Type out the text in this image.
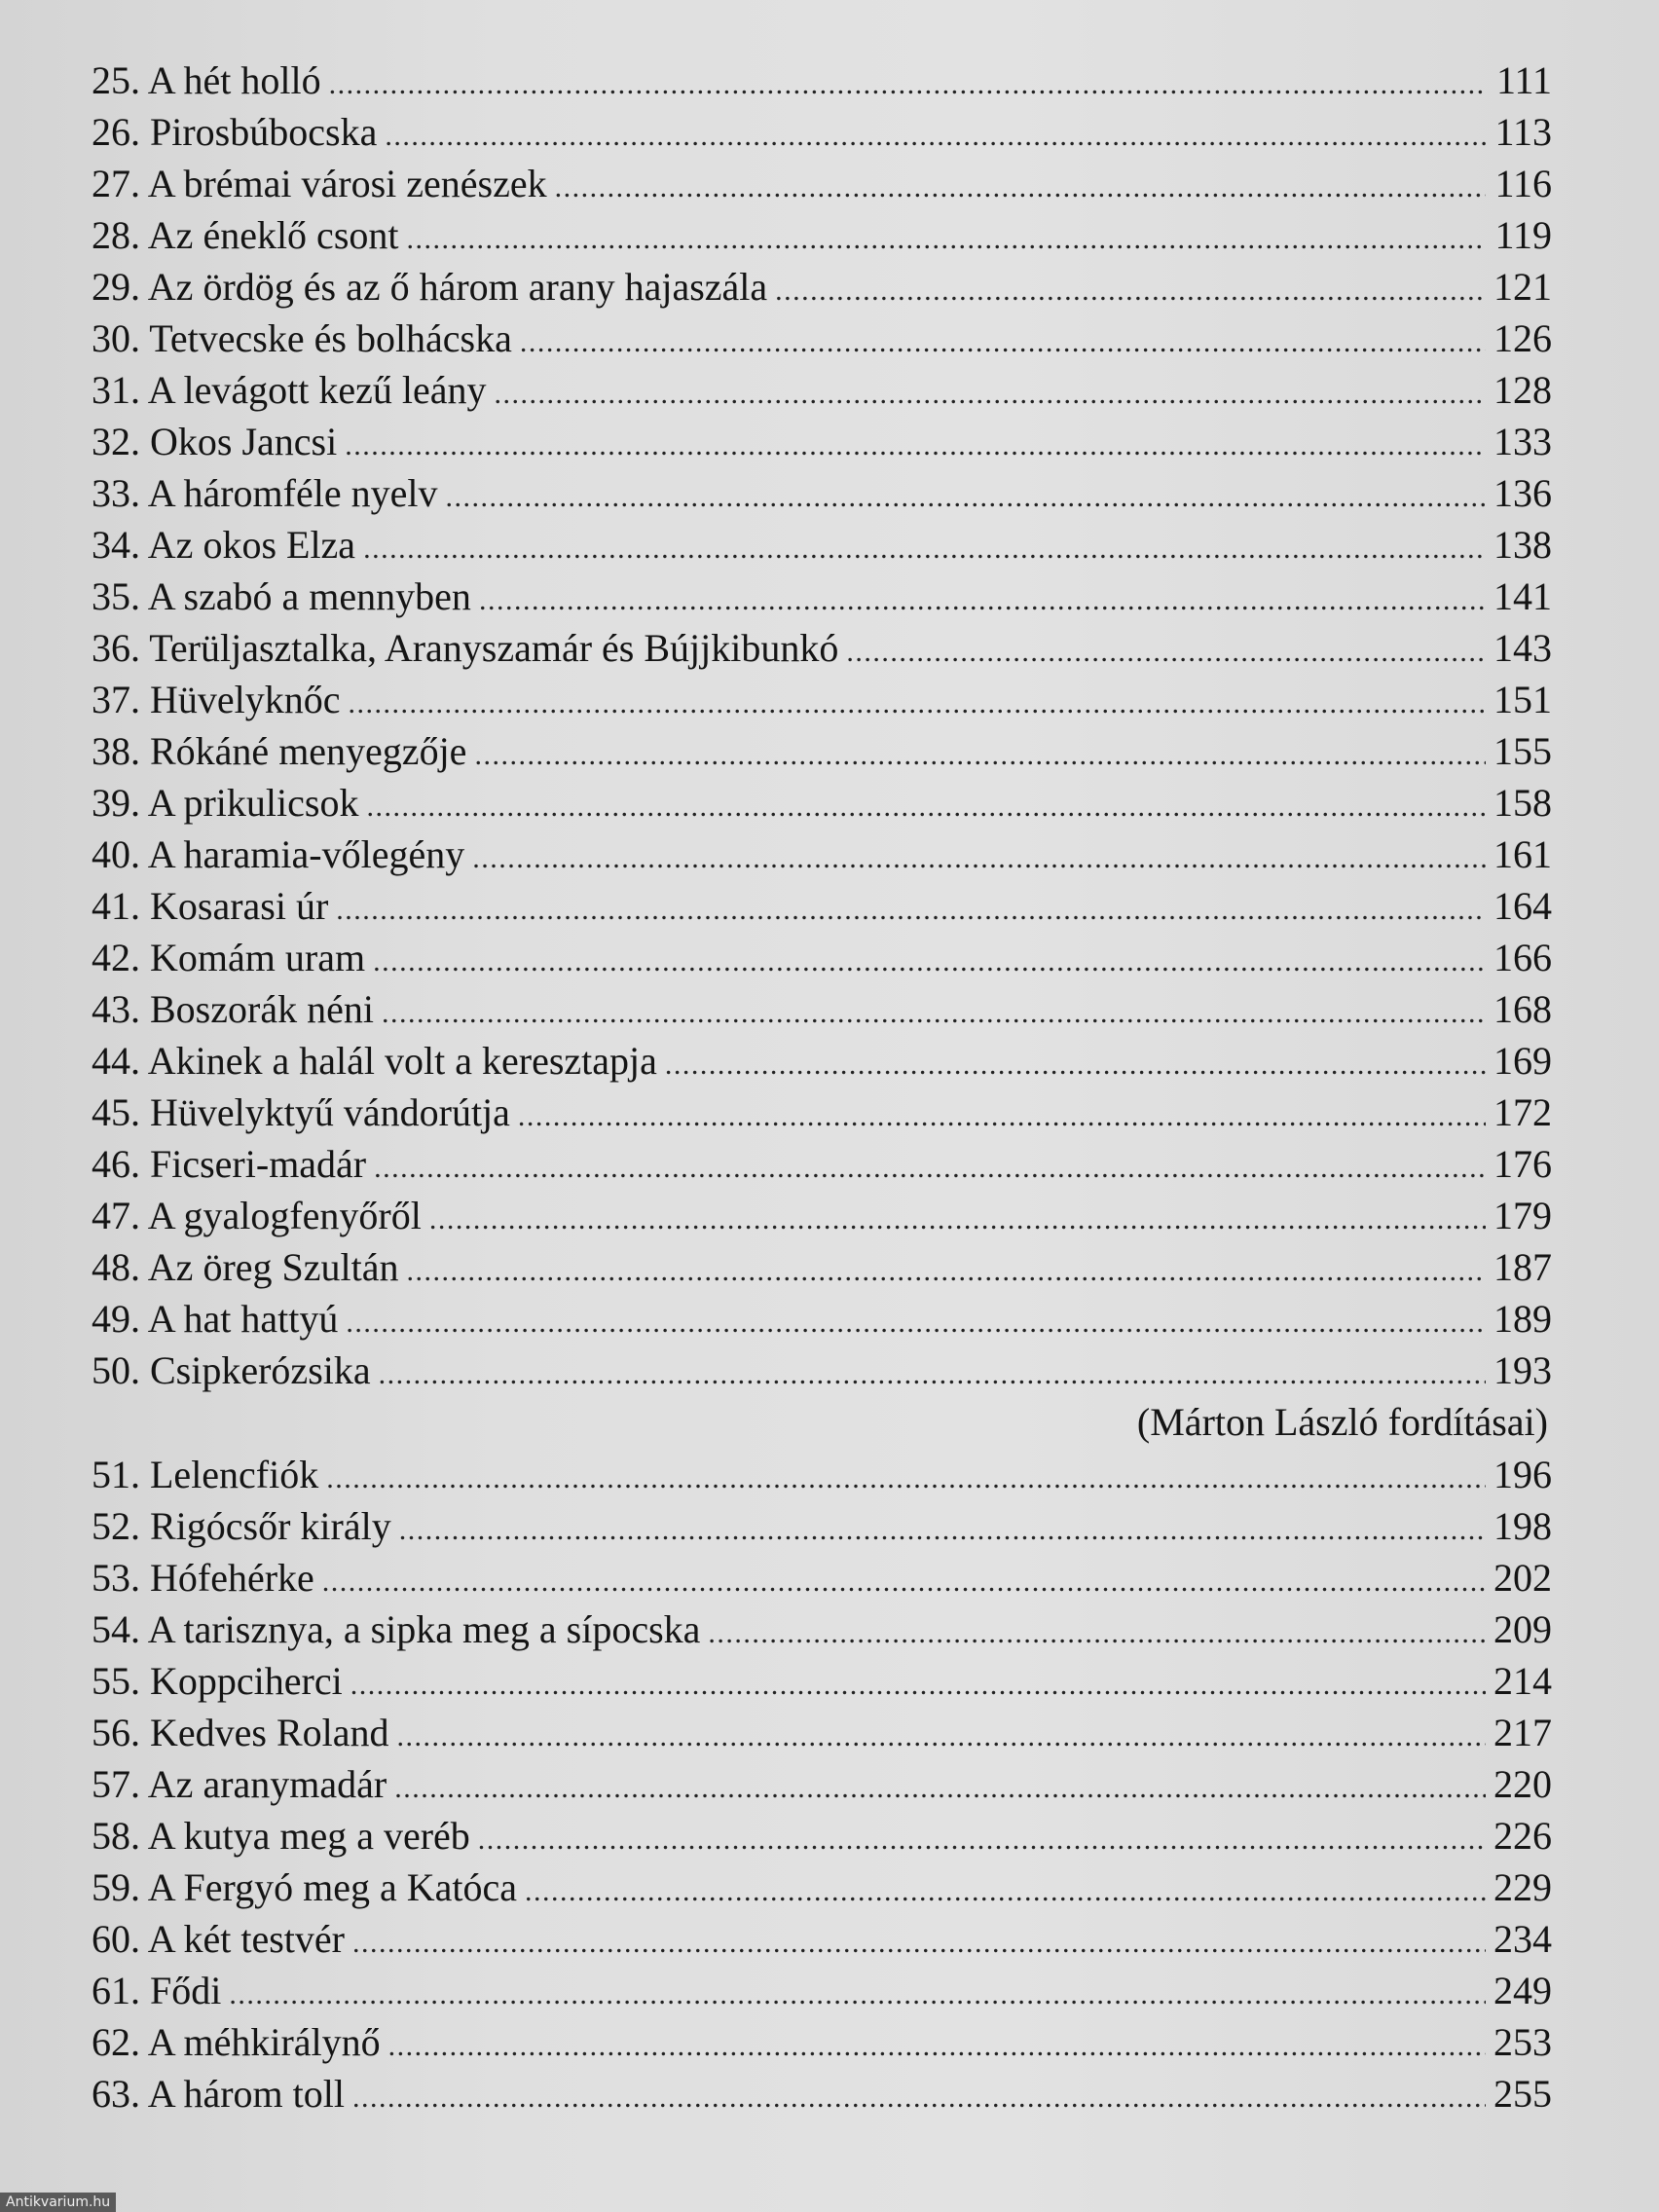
25. A hét holló . . .	111
26. Pirosbúbocska . . .	113
27. A brémai városi zenészek . . .	116
28. Az éneklő csont . . .	119
29. Az ördög és az ő három arany hajaszála . . .	121
30. Tetvecske és bolhácska . . .	126
31. A levágott kezű leány . . .	128
32. Okos Jancsi . . .	133
33. A háromféle nyelv . . .	136
34. Az okos Elza . . .	138
35. A szabó a mennyben . . .	141
36. Terüljasztalka, Aranyszamár és Bújjkibunkó . . .	143
37. Hüvelyknőc . . .	151
38. Rókáné menyegzője . . .	155
39. A prikulicsok . . .	158
40. A haramia-vőlegény . . .	161
41. Kosarasi úr . . .	164
42. Komám uram . . .	166
43. Boszorák néni . . .	168
44. Akinek a halál volt a keresztapja . . .	169
45. Hüvelyktyű vándorútja . . .	172
46. Ficseri-madár . . .	176
47. A gyalogfenyőről . . .	179
48. Az öreg Szultán . . .	187
49. A hat hattyú . . .	189
50. Csipkerózsika . . .	193
(Márton László fordításai)
51. Lelencfiók . . .	196
52. Rigócsőr király . . .	198
53. Hófehérke . . .	202
54. A tarisznya, a sipka meg a sípocska . . .	209
55. Koppciherci . . .	214
56. Kedves Roland . . .	217
57. Az aranymadár . . .	220
58. A kutya meg a veréb . . .	226
59. A Fergyó meg a Katóca . . .	229
60. A két testvér . . .	234
61. Fődi . . .	249
62. A méhkirálynő . . .	253
63. A három toll . . .	255
Antikvarium.hu
